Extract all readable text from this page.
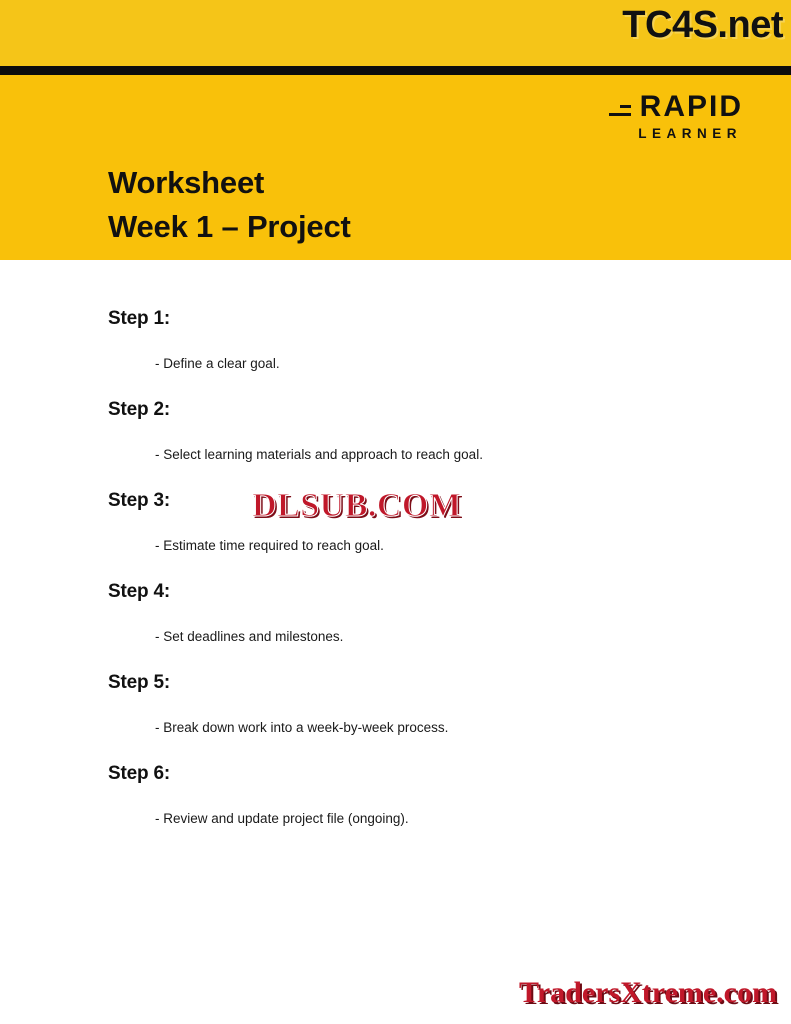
TC4S.net
RAPID
LEARNER
Worksheet
Week 1 – Project

Step 1:

- Define a clear goal.

Step 2:

- Select learning materials and approach to reach goal.

Step 3:

- Estimate time required to reach goal.

Step 4:

- Set deadlines and milestones.

Step 5:

- Break down work into a week-by-week process.

Step 6:

- Review and update project file (ongoing).

DLSUB.COM
TradersXtreme.com
